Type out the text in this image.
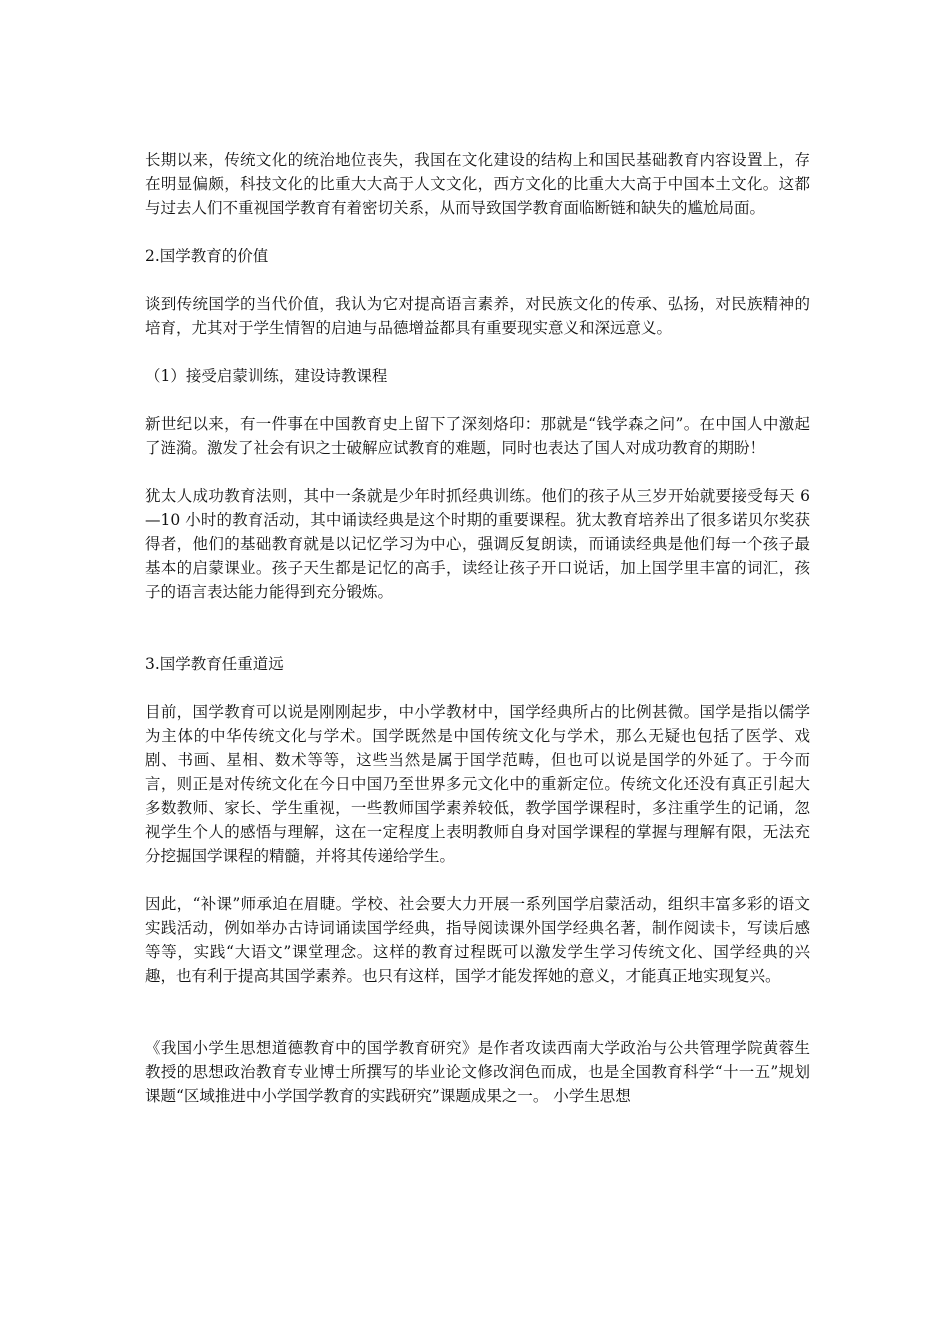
长期以来，传统文化的统治地位丧失，我国在文化建设的结构上和国民基础教育内容设置上，存在明显偏颇，科技文化的比重大大高于人文文化，西方文化的比重大大高于中国本土文化。这都与过去人们不重视国学教育有着密切关系，从而导致国学教育面临断链和缺失的尴尬局面。

2.国学教育的价值

谈到传统国学的当代价值，我认为它对提高语言素养，对民族文化的传承、弘扬，对民族精神的培育，尤其对于学生情智的启迪与品德增益都具有重要现实意义和深远意义。

（1）接受启蒙训练，建设诗教课程

新世纪以来，有一件事在中国教育史上留下了深刻烙印：那就是“钱学森之问”。在中国人中激起了涟漪。激发了社会有识之士破解应试教育的难题，同时也表达了国人对成功教育的期盼！

犹太人成功教育法则，其中一条就是少年时抓经典训练。他们的孩子从三岁开始就要接受每天 6—10 小时的教育活动，其中诵读经典是这个时期的重要课程。犹太教育培养出了很多诺贝尔奖获得者，他们的基础教育就是以记忆学习为中心，强调反复朗读，而诵读经典是他们每一个孩子最基本的启蒙课业。孩子天生都是记忆的高手，读经让孩子开口说话，加上国学里丰富的词汇，孩子的语言表达能力能得到充分锻炼。

3.国学教育任重道远

目前，国学教育可以说是刚刚起步，中小学教材中，国学经典所占的比例甚微。国学是指以儒学为主体的中华传统文化与学术。国学既然是中国传统文化与学术，那么无疑也包括了医学、戏剧、书画、星相、数术等等，这些当然是属于国学范畴，但也可以说是国学的外延了。于今而言，则正是对传统文化在今日中国乃至世界多元文化中的重新定位。传统文化还没有真正引起大多数教师、家长、学生重视，一些教师国学素养较低，教学国学课程时，多注重学生的记诵，忽视学生个人的感悟与理解，这在一定程度上表明教师自身对国学课程的掌握与理解有限，无法充分挖掘国学课程的精髓，并将其传递给学生。

因此，“补课”师承迫在眉睫。学校、社会要大力开展一系列国学启蒙活动，组织丰富多彩的语文实践活动，例如举办古诗词诵读国学经典，指导阅读课外国学经典名著，制作阅读卡，写读后感等等，实践“大语文”课堂理念。这样的教育过程既可以激发学生学习传统文化、国学经典的兴趣，也有利于提高其国学素养。也只有这样，国学才能发挥她的意义，才能真正地实现复兴。

《我国小学生思想道德教育中的国学教育研究》是作者攻读西南大学政治与公共管理学院黄蓉生教授的思想政治教育专业博士所撰写的毕业论文修改润色而成，也是全国教育科学“十一五”规划课题“区域推进中小学国学教育的实践研究”课题成果之一。 小学生思想
